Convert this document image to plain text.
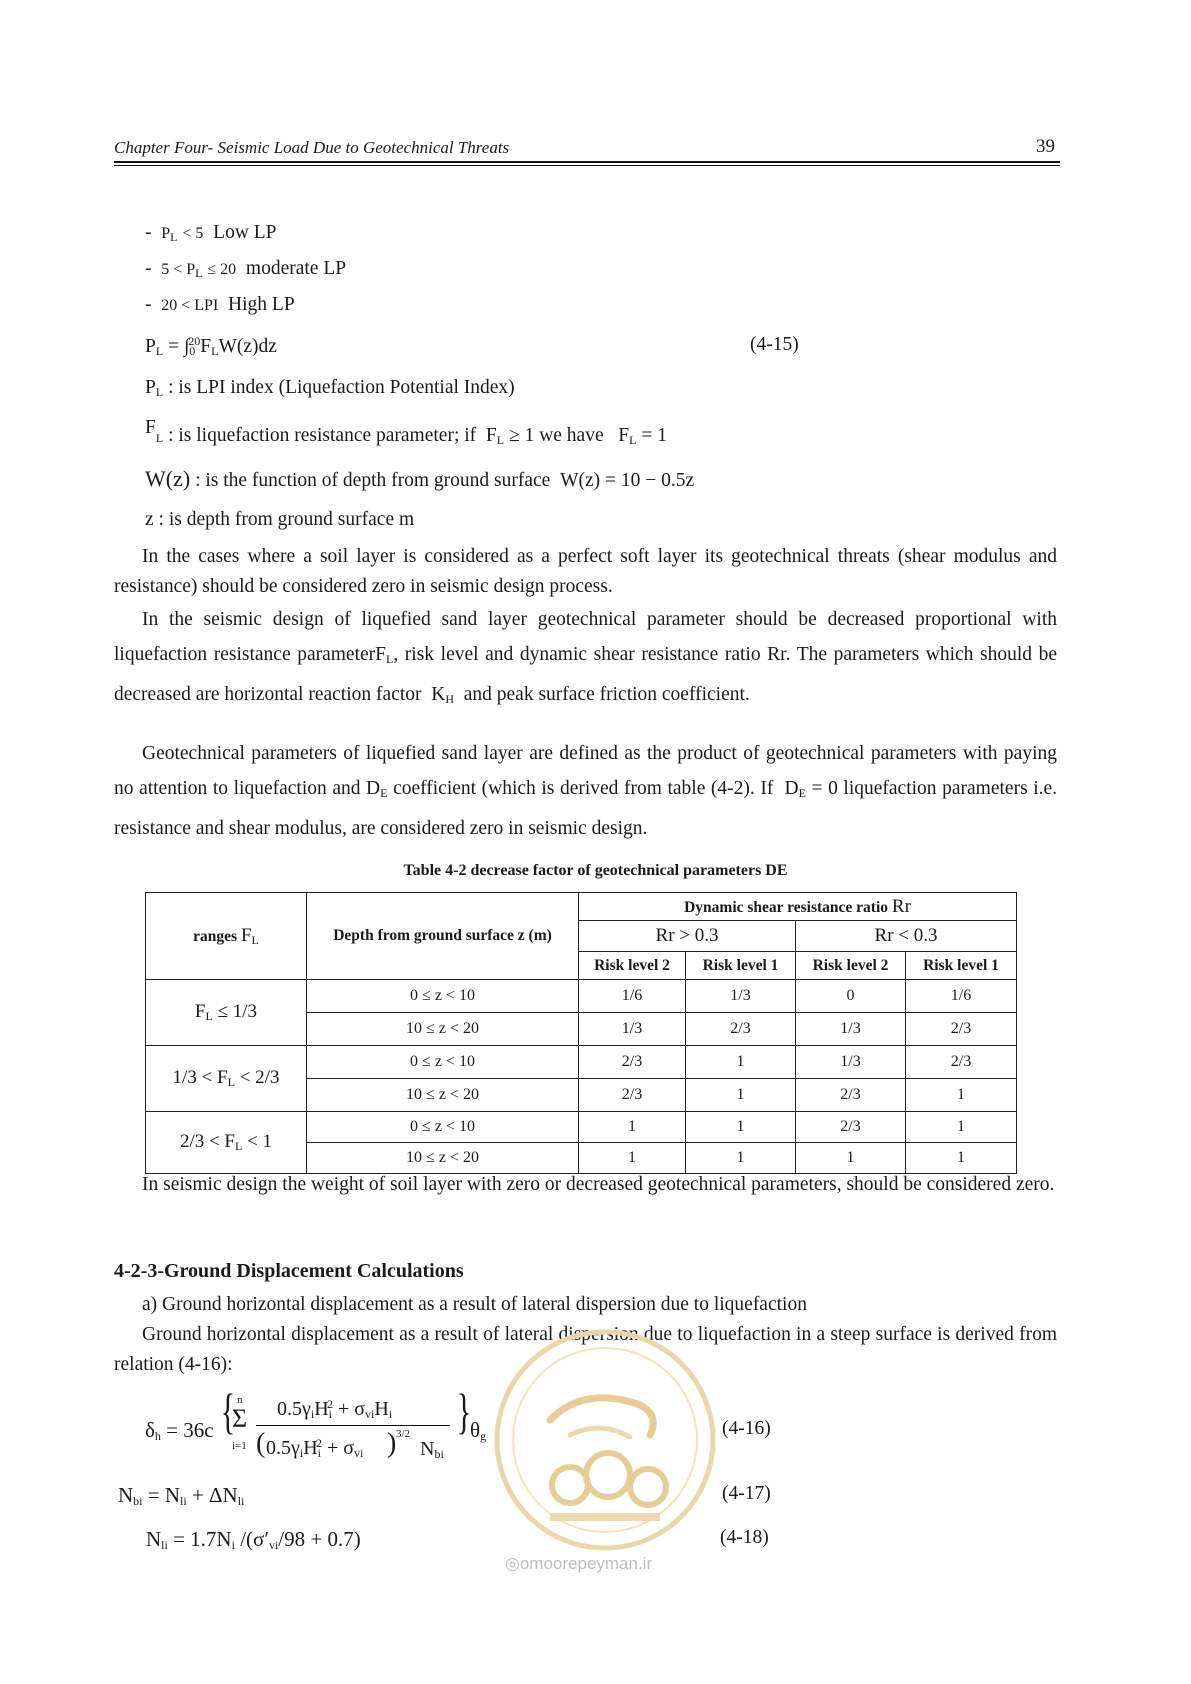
Chapter Four- Seismic Load Due to Geotechnical Threats	39
- $P_L < 5$ Low LP
- $5 < P_L \le 20$ moderate LP
- 20 < LPI High LP
$P_L = \int_0^{20}F_LW(z)dz$	(4-15)
$P_L$ : is LPI index (Liquefaction Potential Index)
$F_L$ : is liquefaction resistance parameter; if $F_L \ge 1$ we have $F_L = 1$
W(z) : is the function of depth from ground surface W(z) = 10 − 0.5z
z : is depth from ground surface m
In the cases where a soil layer is considered as a perfect soft layer its geotechnical threats (shear modulus and resistance) should be considered zero in seismic design process.
In the seismic design of liquefied sand layer geotechnical parameter should be decreased proportional with liquefaction resistance parameterF$_L$, risk level and dynamic shear resistance ratio Rr. The parameters which should be decreased are horizontal reaction factor $K_H$ and peak surface friction coefficient.
Geotechnical parameters of liquefied sand layer are defined as the product of geotechnical parameters with paying no attention to liquefaction and $D_E$ coefficient (which is derived from table (4-2). If $D_E = 0$ liquefaction parameters i.e. resistance and shear modulus, are considered zero in seismic design.
Table 4-2 decrease factor of geotechnical parameters DE
ranges $F_L$	Depth from ground surface z (m)	Dynamic shear resistance ratio Rr			
		Rr > 0.3		Rr < 0.3	
		Risk level 2	Risk level 1	Risk level 2	Risk level 1
$F_L \le 1/3$	0 ≤ z < 10	1/6	1/3	0	1/6
	10 ≤ z < 20	1/3	2/3	1/3	2/3
$1/3 < F_L < 2/3$	0 ≤ z < 10	2/3	1	1/3	2/3
	10 ≤ z < 20	2/3	1	2/3	1
$2/3 < F_L < 1$	0 ≤ z < 10	1	1	2/3	1
	10 ≤ z < 20	1	1	1	1
In seismic design the weight of soil layer with zero or decreased geotechnical parameters, should be considered zero.
4-2-3-Ground Displacement Calculations
a) Ground horizontal displacement as a result of lateral dispersion due to liquefaction
Ground horizontal displacement as a result of lateral dispersion due to liquefaction in a steep surface is derived from relation (4-16):
◎omoorepeyman.ir
$\delta_h = 36c$ { n
Σ
i=1
$0.5\gamma_iH_i^2 + \sigma_{vi}H_i$
( $0.5\gamma_iH_i^2 + \sigma_{vi}$ ) 3/2
$N_{bi}$
}
$\theta_g$	(4-16)
$N_{bi} = N_{li} + \Delta N_{li}$	(4-17)
$N_{li} = 1.7N_i$ $/(\sigma'_{vi}/98 + 0.7)$	(4-18)
